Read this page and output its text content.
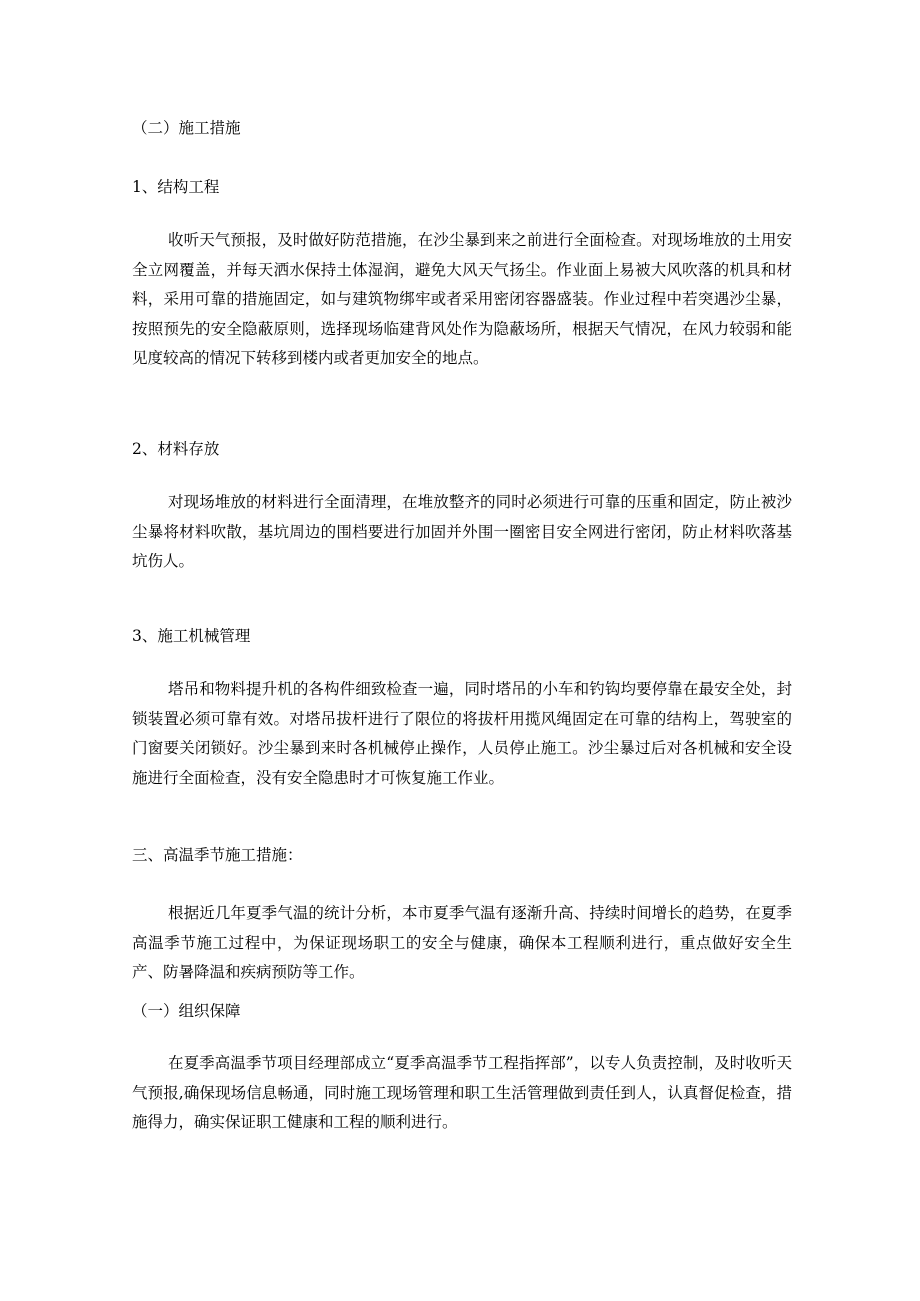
（二）施工措施
1、结构工程
收听天气预报，及时做好防范措施，在沙尘暴到来之前进行全面检查。对现场堆放的土用安全立网覆盖，并每天洒水保持土体湿润，避免大风天气扬尘。作业面上易被大风吹落的机具和材料，采用可靠的措施固定，如与建筑物绑牢或者采用密闭容器盛装。作业过程中若突遇沙尘暴，按照预先的安全隐蔽原则，选择现场临建背风处作为隐蔽场所，根据天气情况，在风力较弱和能见度较高的情况下转移到楼内或者更加安全的地点。
2、材料存放
对现场堆放的材料进行全面清理，在堆放整齐的同时必须进行可靠的压重和固定，防止被沙尘暴将材料吹散，基坑周边的围档要进行加固并外围一圈密目安全网进行密闭，防止材料吹落基坑伤人。
3、施工机械管理
塔吊和物料提升机的各构件细致检查一遍，同时塔吊的小车和钓钩均要停靠在最安全处，封锁装置必须可靠有效。对塔吊拔杆进行了限位的将拔杆用揽风绳固定在可靠的结构上，驾驶室的门窗要关闭锁好。沙尘暴到来时各机械停止操作，人员停止施工。沙尘暴过后对各机械和安全设施进行全面检查，没有安全隐患时才可恢复施工作业。
三、高温季节施工措施：
根据近几年夏季气温的统计分析，本市夏季气温有逐渐升高、持续时间增长的趋势，在夏季高温季节施工过程中，为保证现场职工的安全与健康，确保本工程顺利进行，重点做好安全生产、防暑降温和疾病预防等工作。
（一）组织保障
在夏季高温季节项目经理部成立“夏季高温季节工程指挥部”，以专人负责控制，及时收听天气预报,确保现场信息畅通，同时施工现场管理和职工生活管理做到责任到人，认真督促检查，措施得力，确实保证职工健康和工程的顺利进行。
